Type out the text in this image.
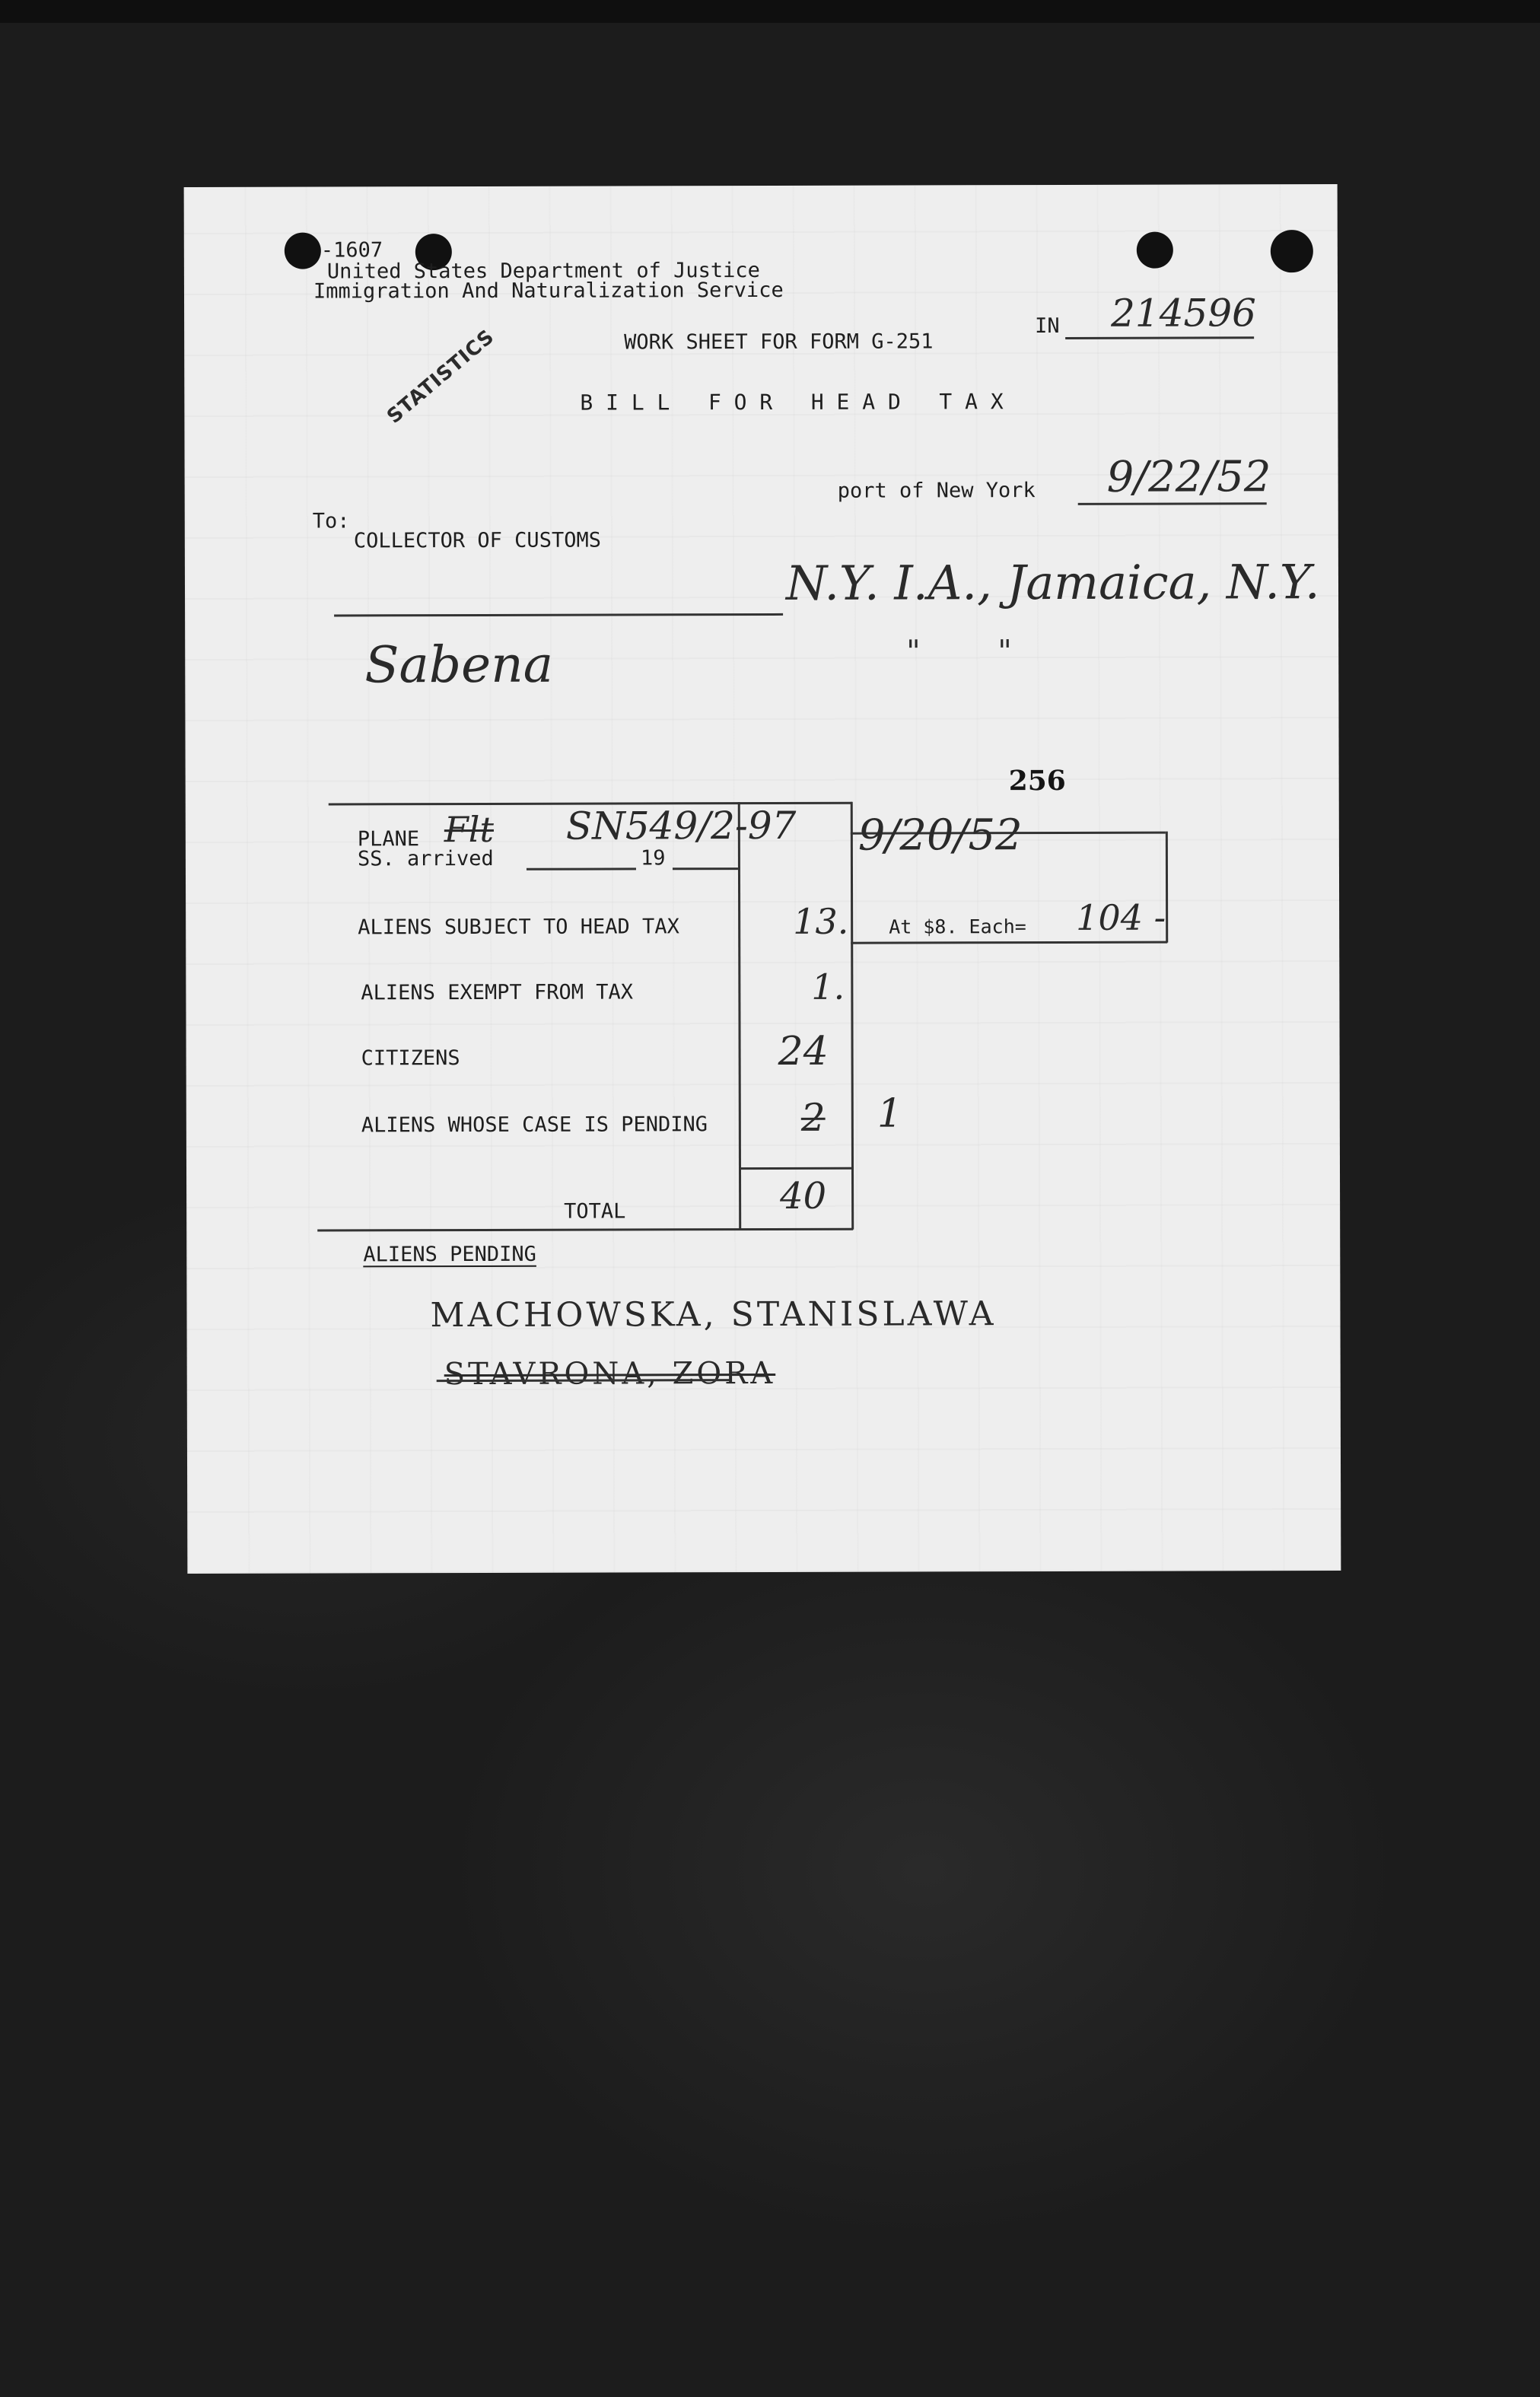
-1607
United States Department of Justice
Immigration And Naturalization Service
WORK SHEET FOR FORM G-251
IN 214596
B I L L   F O R   H E A D   T A X
STATISTICS
port of New York 9/22/52
To:
COLLECTOR OF CUSTOMS
N.Y. I.A., Jamaica, N.Y.
"        "
Sabena
256
PLANE Flt SN549/2-97
SS. arrived	19	9/20/52
ALIENS SUBJECT TO HEAD TAX	13. At $8. Each= 104 -
ALIENS EXEMPT FROM TAX	1.
CITIZENS	24
ALIENS WHOSE CASE IS PENDING 2 1
TOTAL	40
ALIENS PENDING
MACHOWSKA, STANISLAWA
STAVRONA, ZORA
